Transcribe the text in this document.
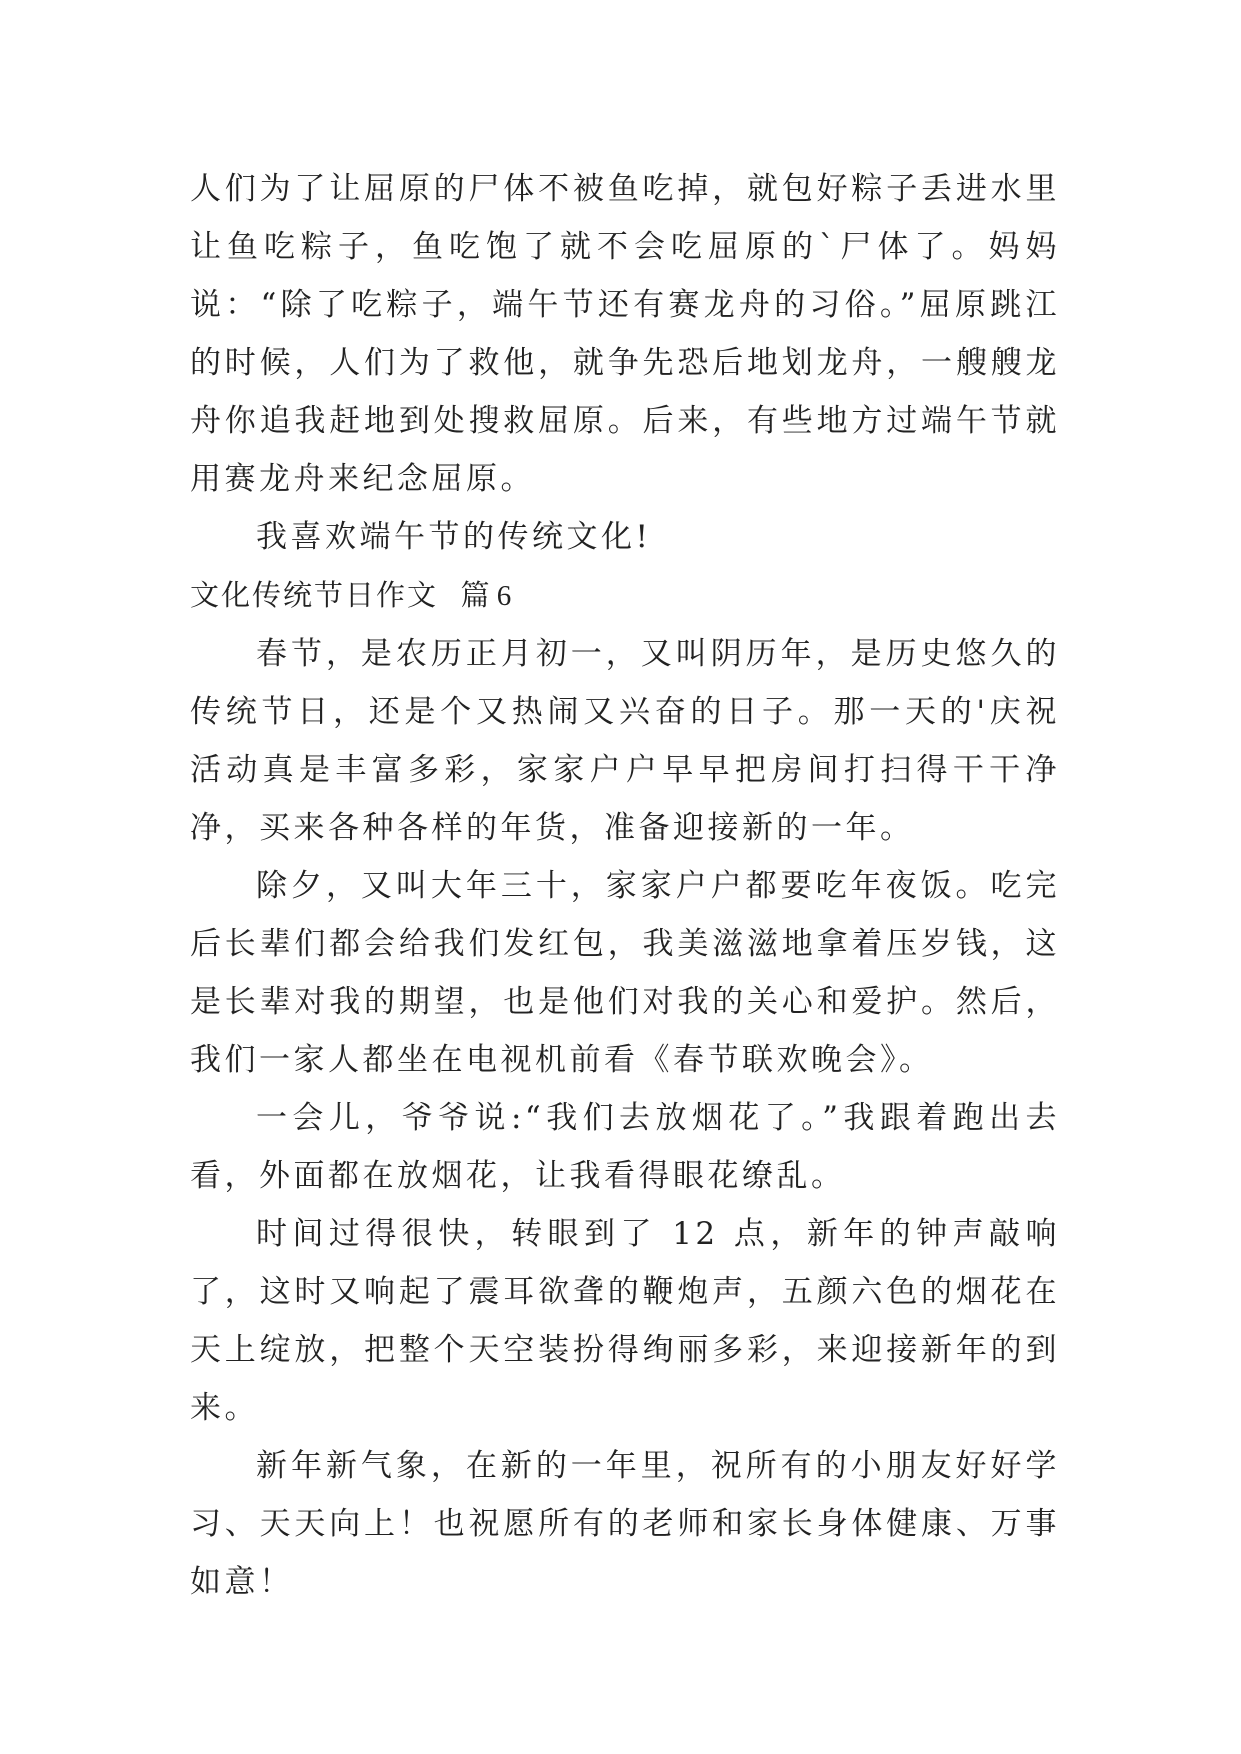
人们为了让屈原的尸体不被鱼吃掉，就包好粽子丢进水里让鱼吃粽子，鱼吃饱了就不会吃屈原的`尸体了。妈妈说：“除了吃粽子，端午节还有赛龙舟的习俗。”屈原跳江的时候，人们为了救他，就争先恐后地划龙舟，一艘艘龙舟你追我赶地到处搜救屈原。后来，有些地方过端午节就用赛龙舟来纪念屈原。

我喜欢端午节的传统文化!

文化传统节日作文 篇 6

春节，是农历正月初一，又叫阴历年，是历史悠久的传统节日，还是个又热闹又兴奋的日子。那一天的'庆祝活动真是丰富多彩，家家户户早早把房间打扫得干干净净，买来各种各样的年货，准备迎接新的一年。

除夕，又叫大年三十，家家户户都要吃年夜饭。吃完后长辈们都会给我们发红包，我美滋滋地拿着压岁钱，这是长辈对我的期望，也是他们对我的关心和爱护。然后，我们一家人都坐在电视机前看《春节联欢晚会》。

一会儿，爷爷说:“我们去放烟花了。”我跟着跑出去看，外面都在放烟花，让我看得眼花缭乱。

时间过得很快，转眼到了 12 点，新年的钟声敲响了，这时又响起了震耳欲聋的鞭炮声，五颜六色的烟花在天上绽放，把整个天空装扮得绚丽多彩，来迎接新年的到来。

新年新气象，在新的一年里，祝所有的小朋友好好学习、天天向上！也祝愿所有的老师和家长身体健康、万事如意！
